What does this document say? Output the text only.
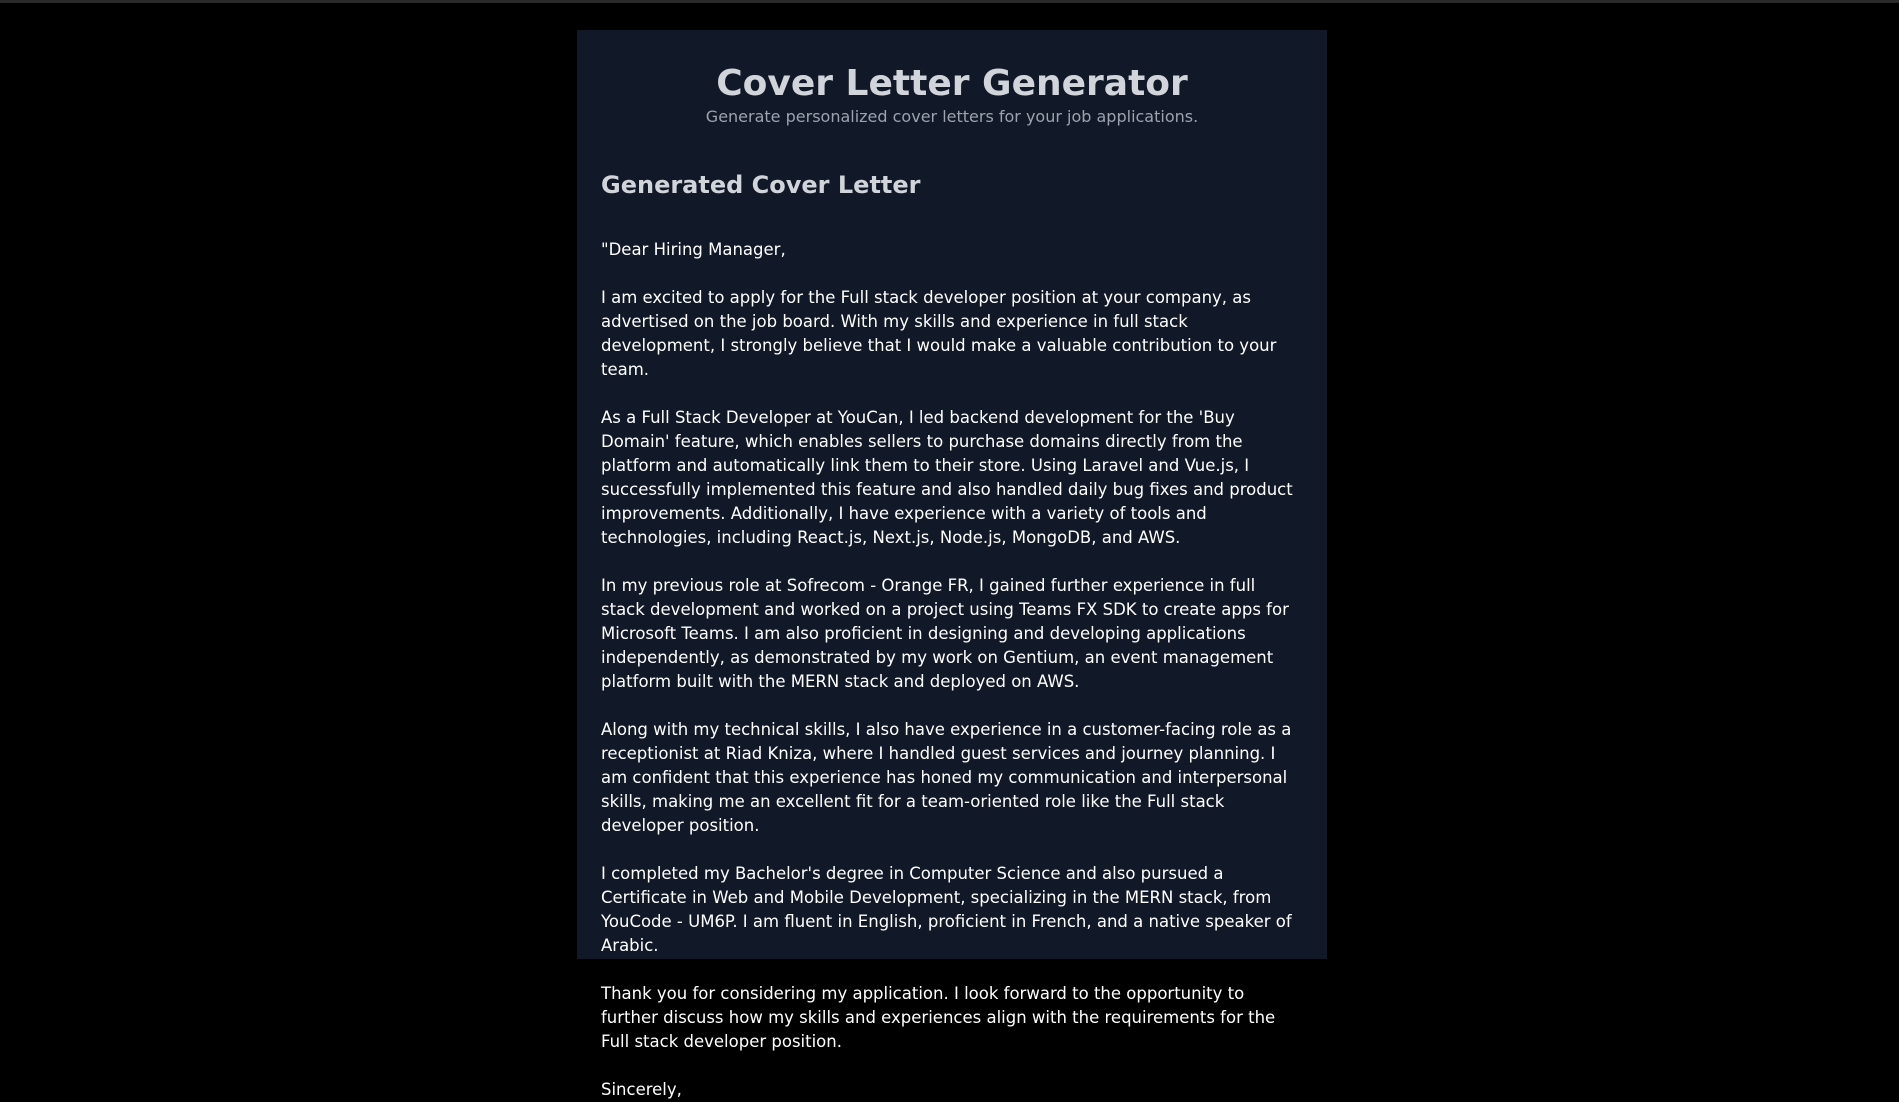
Cover Letter Generator

Generate personalized cover letters for your job applications.

Generated Cover Letter
"Dear Hiring Manager,

I am excited to apply for the Full stack developer position at your company, as advertised on the job board. With my skills and experience in full stack development, I strongly believe that I would make a valuable contribution to your team.

As a Full Stack Developer at YouCan, I led backend development for the 'Buy Domain' feature, which enables sellers to purchase domains directly from the platform and automatically link them to their store. Using Laravel and Vue.js, I successfully implemented this feature and also handled daily bug fixes and product improvements. Additionally, I have experience with a variety of tools and technologies, including React.js, Next.js, Node.js, MongoDB, and AWS.

In my previous role at Sofrecom - Orange FR, I gained further experience in full stack development and worked on a project using Teams FX SDK to create apps for Microsoft Teams. I am also proficient in designing and developing applications independently, as demonstrated by my work on Gentium, an event management platform built with the MERN stack and deployed on AWS.

Along with my technical skills, I also have experience in a customer-facing role as a receptionist at Riad Kniza, where I handled guest services and journey planning. I am confident that this experience has honed my communication and interpersonal skills, making me an excellent fit for a team-oriented role like the Full stack developer position.

I completed my Bachelor's degree in Computer Science and also pursued a Certificate in Web and Mobile Development, specializing in the MERN stack, from YouCode - UM6P. I am fluent in English, proficient in French, and a native speaker of Arabic.

Thank you for considering my application. I look forward to the opportunity to further discuss how my skills and experiences align with the requirements for the Full stack developer position.

Sincerely,
